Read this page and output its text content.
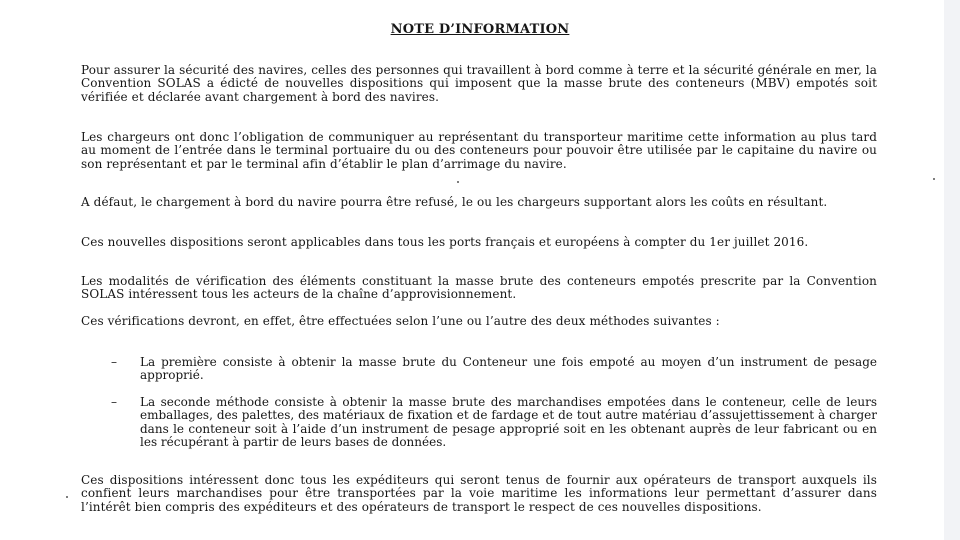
NOTE D’INFORMATION

Pour assurer la sécurité des navires, celles des personnes qui travaillent à bord comme à terre et la sécurité générale en mer, la Convention SOLAS a édicté de nouvelles dispositions qui imposent que la masse brute des conteneurs (MBV) empotés soit vérifiée et déclarée avant chargement à bord des navires.

Les chargeurs ont donc l’obligation de communiquer au représentant du transporteur maritime cette information au plus tard au moment de l’entrée dans le terminal portuaire du ou des conteneurs pour pouvoir être utilisée par le capitaine du navire ou son représentant et par le terminal afin d’établir le plan d’arrimage du navire.

A défaut, le chargement à bord du navire pourra être refusé, le ou les chargeurs supportant alors les coûts en résultant.

Ces nouvelles dispositions seront applicables dans tous les ports français et européens à compter du 1er juillet 2016.

Les modalités de vérification des éléments constituant la masse brute des conteneurs empotés prescrite par la Convention SOLAS intéressent tous les acteurs de la chaîne d’approvisionnement.

Ces vérifications devront, en effet, être effectuées selon l’une ou l’autre des deux méthodes suivantes :

– La première consiste à obtenir la masse brute du Conteneur une fois empoté au moyen d’un instrument de pesage approprié.
– La seconde méthode consiste à obtenir la masse brute des marchandises empotées dans le conteneur, celle de leurs emballages, des palettes, des matériaux de fixation et de fardage et de tout autre matériau d’assujettissement à charger dans le conteneur soit à l’aide d’un instrument de pesage approprié soit en les obtenant auprès de leur fabricant ou en les récupérant à partir de leurs bases de données.

Ces dispositions intéressent donc tous les expéditeurs qui seront tenus de fournir aux opérateurs de transport auxquels ils confient leurs marchandises pour être transportées par la voie maritime les informations leur permettant d’assurer dans l’intérêt bien compris des expéditeurs et des opérateurs de transport le respect de ces nouvelles dispositions.
